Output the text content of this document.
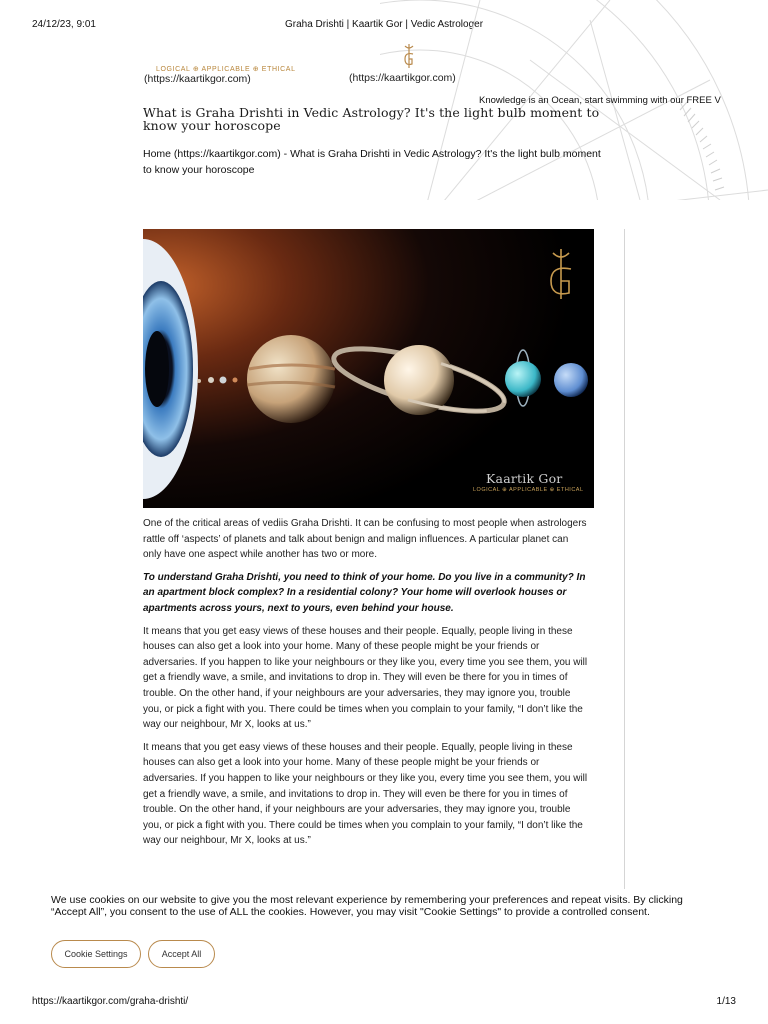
24/12/23, 9:01	Graha Drishti | Kaartik Gor | Vedic Astrologer
LOGICAL ⊕ APPLICABLE ⊕ ETHICAL
(https://kaartikgor.com)	(https://kaartikgor.com)
Knowledge is an Ocean, start swimming with our FREE V
What is Graha Drishti in Vedic Astrology? It's the light bulb moment to know your horoscope
Home (https://kaartikgor.com) - What is Graha Drishti in Vedic Astrology? It's the light bulb moment to know your horoscope
Kaartik Gor
LOGICAL ⊕ APPLICABLE ⊕ ETHICAL

One of the critical areas of vediis Graha Drishti. It can be confusing to most people when astrologers rattle off ‘aspects’ of planets and talk about benign and malign influences. A particular planet can only have one aspect while another has two or more.

To understand Graha Drishti, you need to think of your home. Do you live in a community? In an apartment block complex? In a residential colony? Your home will overlook houses or apartments across yours, next to yours, even behind your house.

It means that you get easy views of these houses and their people. Equally, people living in these houses can also get a look into your home. Many of these people might be your friends or adversaries. If you happen to like your neighbours or they like you, every time you see them, you will get a friendly wave, a smile, and invitations to drop in. They will even be there for you in times of trouble. On the other hand, if your neighbours are your adversaries, they may ignore you, trouble you, or pick a fight with you. There could be times when you complain to your family, “I don’t like the way our neighbour, Mr X, looks at us.”

It means that you get easy views of these houses and their people. Equally, people living in these houses can also get a look into your home. Many of these people might be your friends or adversaries. If you happen to like your neighbours or they like you, every time you see them, you will get a friendly wave, a smile, and invitations to drop in. They will even be there for you in times of trouble. On the other hand, if your neighbours are your adversaries, they may ignore you, trouble you, or pick a fight with you. There could be times when you complain to your family, “I don’t like the way our neighbour, Mr X, looks at us.”

We use cookies on our website to give you the most relevant experience by remembering your preferences and repeat visits. By clicking “Accept All”, you consent to the use of ALL the cookies. However, you may visit "Cookie Settings" to provide a controlled consent.
Cookie Settings	Accept All
https://kaartikgor.com/graha-drishti/	1/13
